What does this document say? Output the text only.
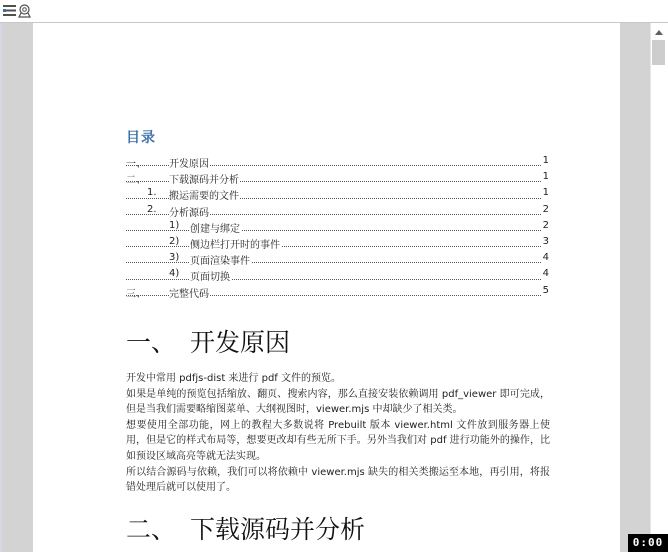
目录
一、 开发原因	1
二、 下载源码并分析	1
1. 搬运需要的文件	1
2. 分析源码	2
1) 创建与绑定	2
2) 侧边栏打开时的事件	3
3) 页面渲染事件	4
4) 页面切换	4
三、 完整代码	5
一、 开发原因

开发中常用 pdfjs-dist 来进行 pdf 文件的预览。

如果是单纯的预览包括缩放、翻页、搜索内容，那么直接安装依赖调用 pdf_viewer 即可完成，但是当我们需要略缩图菜单、大纲视图时，viewer.mjs 中却缺少了相关类。

想要使用全部功能，网上的教程大多数说将 Prebuilt 版本 viewer.html 文件放到服务器上使用，但是它的样式布局等，想要更改却有些无所下手。另外当我们对 pdf 进行功能外的操作，比如预设区域高亮等就无法实现。

所以结合源码与依赖，我们可以将依赖中 viewer.mjs 缺失的相关类搬运至本地，再引用，将报错处理后就可以使用了。

二、 下载源码并分析	0:00
